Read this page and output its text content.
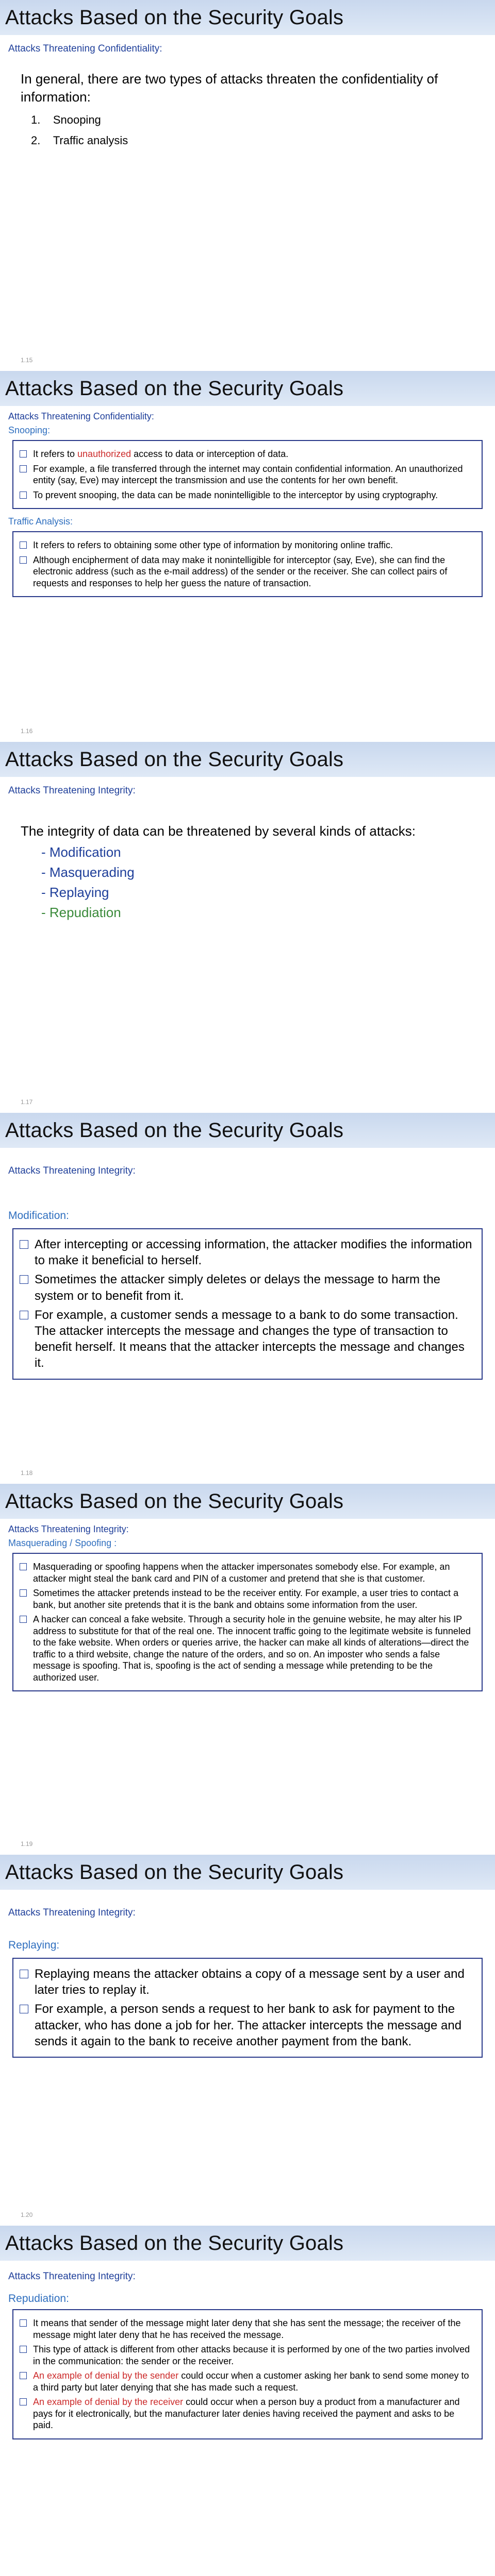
Attacks Based on the Security Goals
Attacks Threatening Confidentiality:
In general, there are two types of attacks threaten the confidentiality of information:
1. Snooping
2. Traffic analysis
1.15
Attacks Based on the Security Goals
Attacks Threatening Confidentiality:
Snooping:
It refers to unauthorized access to data or interception of data.
For example, a file transferred through the internet may contain confidential information. An unauthorized entity (say, Eve) may intercept the transmission and use the contents for her own benefit.
To prevent snooping, the data can be made nonintelligible to the interceptor by using cryptography.
Traffic Analysis:
It refers to refers to obtaining some other type of information by monitoring online traffic.
Although encipherment of data may make it nonintelligible for interceptor (say, Eve), she can find the electronic address (such as the e-mail address) of the sender or the receiver. She can collect pairs of requests and responses to help her guess the nature of transaction.
1.16
Attacks Based on the Security Goals
Attacks Threatening Integrity:
The integrity of data can be threatened by several kinds of attacks:
- Modification
- Masquerading
- Replaying
- Repudiation
1.17
Attacks Based on the Security Goals
Attacks Threatening Integrity:
Modification:
After intercepting or accessing information, the attacker modifies the information to make it beneficial to herself.
Sometimes the attacker simply deletes or delays the message to harm the system or to benefit from it.
For example, a customer sends a message to a bank to do some transaction. The attacker intercepts the message and changes the type of transaction to benefit herself. It means that the attacker intercepts the message and changes it.
1.18
Attacks Based on the Security Goals
Attacks Threatening Integrity:
Masquerading / Spoofing :
Masquerading or spoofing happens when the attacker impersonates somebody else. For example, an attacker might steal the bank card and PIN of a customer and pretend that she is that customer.
Sometimes the attacker pretends instead to be the receiver entity. For example, a user tries to contact a bank, but another site pretends that it is the bank and obtains some information from the user.
A hacker can conceal a fake website. Through a security hole in the genuine website, he may alter his IP address to substitute for that of the real one. The innocent traffic going to the legitimate website is funneled to the fake website. When orders or queries arrive, the hacker can make all kinds of alterations—direct the traffic to a third website, change the nature of the orders, and so on. An imposter who sends a false message is spoofing. That is, spoofing is the act of sending a message while pretending to be the authorized user.
1.19
Attacks Based on the Security Goals
Attacks Threatening Integrity:
Replaying:
Replaying means the attacker obtains a copy of a message sent by a user and later tries to replay it.
For example, a person sends a request to her bank to ask for payment to the attacker, who has done a job for her. The attacker intercepts the message and sends it again to the bank to receive another payment from the bank.
1.20
Attacks Based on the Security Goals
Attacks Threatening Integrity:
Repudiation:
It means that sender of the message might later deny that she has sent the message; the receiver of the message might later deny that he has received the message.
This type of attack is different from other attacks because it is performed by one of the two parties involved in the communication: the sender or the receiver.
An example of denial by the sender could occur when a customer asking her bank to send some money to a third party but later denying that she has made such a request.
An example of denial by the receiver could occur when a person buy a product from a manufacturer and pays for it electronically, but the manufacturer later denies having received the payment and asks to be paid.
